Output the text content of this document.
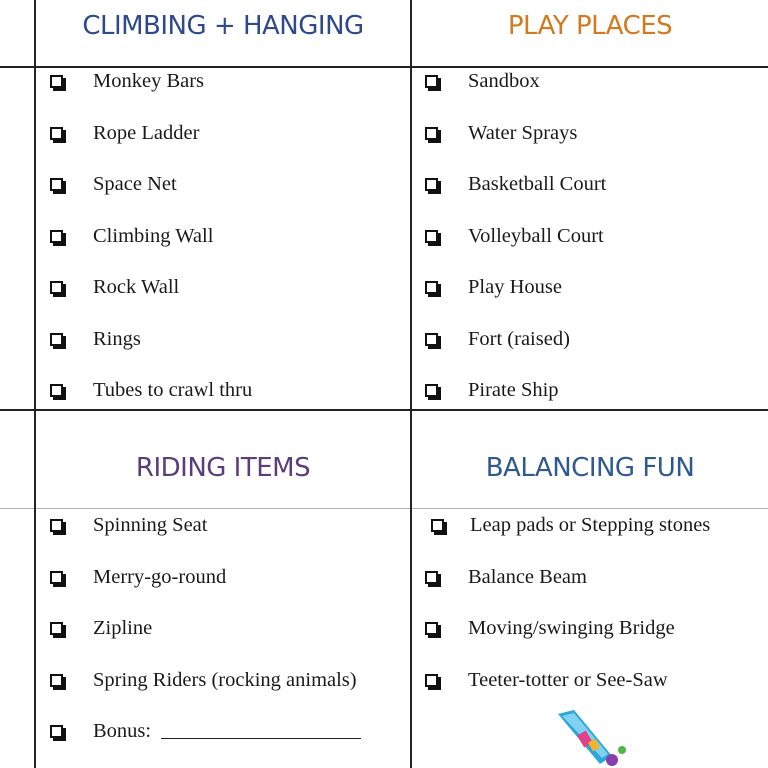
CLIMBING + HANGING	PLAY PLACES
RIDING ITEMS	BALANCING FUN
Monkey Bars
Rope Ladder
Space Net
Climbing Wall
Rock Wall
Rings
Tubes to crawl thru
Sandbox
Water Sprays
Basketball Court
Volleyball Court
Play House
Fort (raised)
Pirate Ship
Spinning Seat
Merry-go-round
Zipline
Spring Riders (rocking animals)
Bonus:
Leap pads or Stepping stones
Balance Beam
Moving/swinging Bridge
Teeter-totter or See-Saw
